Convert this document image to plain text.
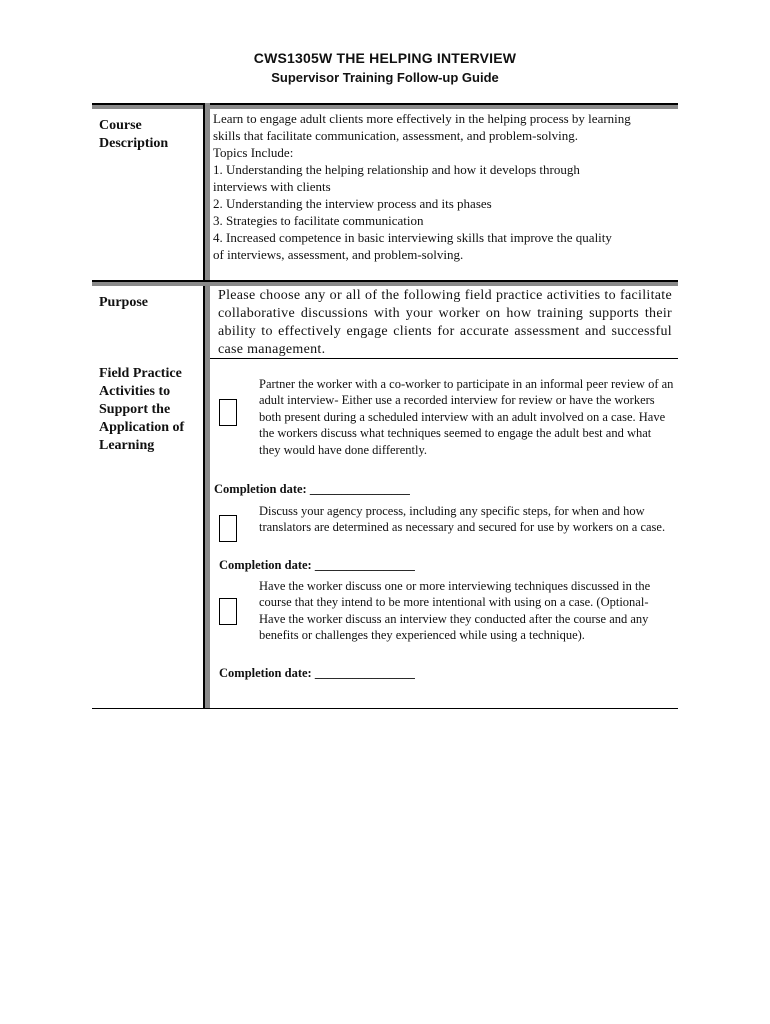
CWS1305W THE HELPING INTERVIEW
Supervisor Training Follow-up Guide
Course
Description
Learn to engage adult clients more effectively in the helping process by learning
skills that facilitate communication, assessment, and problem-solving.
Topics Include:
1. Understanding the helping relationship and how it develops through
interviews with clients
2. Understanding the interview process and its phases
3. Strategies to facilitate communication
4. Increased competence in basic interviewing skills that improve the quality
of interviews, assessment, and problem-solving.
Purpose	Please choose any or all of the following field practice activities to facilitate collaborative discussions with your worker on how training supports their ability to effectively engage clients for accurate assessment and successful case management.
Field Practice
Activities to
Support the
Application of
Learning
Partner the worker with a co-worker to participate in an informal peer review of an adult interview- Either use a recorded interview for review or have the workers both present during a scheduled interview with an adult involved on a case. Have the workers discuss what techniques seemed to engage the adult best and what they would have done differently.
Completion date: ________________
Discuss your agency process, including any specific steps, for when and how translators are determined as necessary and secured for use by workers on a case.
Completion date: ________________
Have the worker discuss one or more interviewing techniques discussed in the course that they intend to be more intentional with using on a case. (Optional- Have the worker discuss an interview they conducted after the course and any benefits or challenges they experienced while using a technique).
Completion date: ________________
